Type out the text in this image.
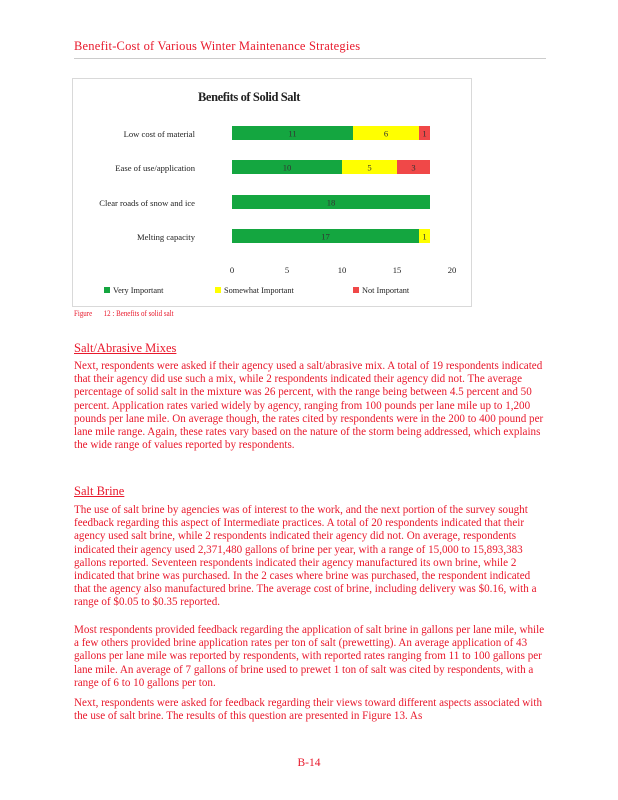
Benefit-Cost of Various Winter Maintenance Strategies
Benefits of Solid Salt
Low cost of material	11	6	1
Ease of use/application	10	5	3
Clear roads of snow and ice	18
Melting capacity	17	1
0	5	10	15	20
Very Important	Somewhat Important	Not Important
Figure 12 : Benefits of solid salt
Salt/Abrasive Mixes

Next, respondents were asked if their agency used a salt/abrasive mix. A total of 19 respondents indicated that their agency did use such a mix, while 2 respondents indicated their agency did not. The average percentage of solid salt in the mixture was 26 percent, with the range being between 4.5 percent and 50 percent. Application rates varied widely by agency, ranging from 100 pounds per lane mile up to 1,200 pounds per lane mile. On average though, the rates cited by respondents were in the 200 to 400 pound per lane mile range. Again, these rates vary based on the nature of the storm being addressed, which explains the wide range of values reported by respondents.

Salt Brine

The use of salt brine by agencies was of interest to the work, and the next portion of the survey sought feedback regarding this aspect of Intermediate practices. A total of 20 respondents indicated that their agency used salt brine, while 2 respondents indicated their agency did not. On average, respondents indicated their agency used 2,371,480 gallons of brine per year, with a range of 15,000 to 15,893,383 gallons reported. Seventeen respondents indicated their agency manufactured its own brine, while 2 indicated that brine was purchased. In the 2 cases where brine was purchased, the respondent indicated that the agency also manufactured brine. The average cost of brine, including delivery was $0.16, with a range of $0.05 to $0.35 reported.

Most respondents provided feedback regarding the application of salt brine in gallons per lane mile, while a few others provided brine application rates per ton of salt (prewetting). An average application of 43 gallons per lane mile was reported by respondents, with reported rates ranging from 11 to 100 gallons per lane mile. An average of 7 gallons of brine used to prewet 1 ton of salt was cited by respondents, with a range of 6 to 10 gallons per ton.

Next, respondents were asked for feedback regarding their views toward different aspects associated with the use of salt brine. The results of this question are presented in Figure 13. As

B-14
